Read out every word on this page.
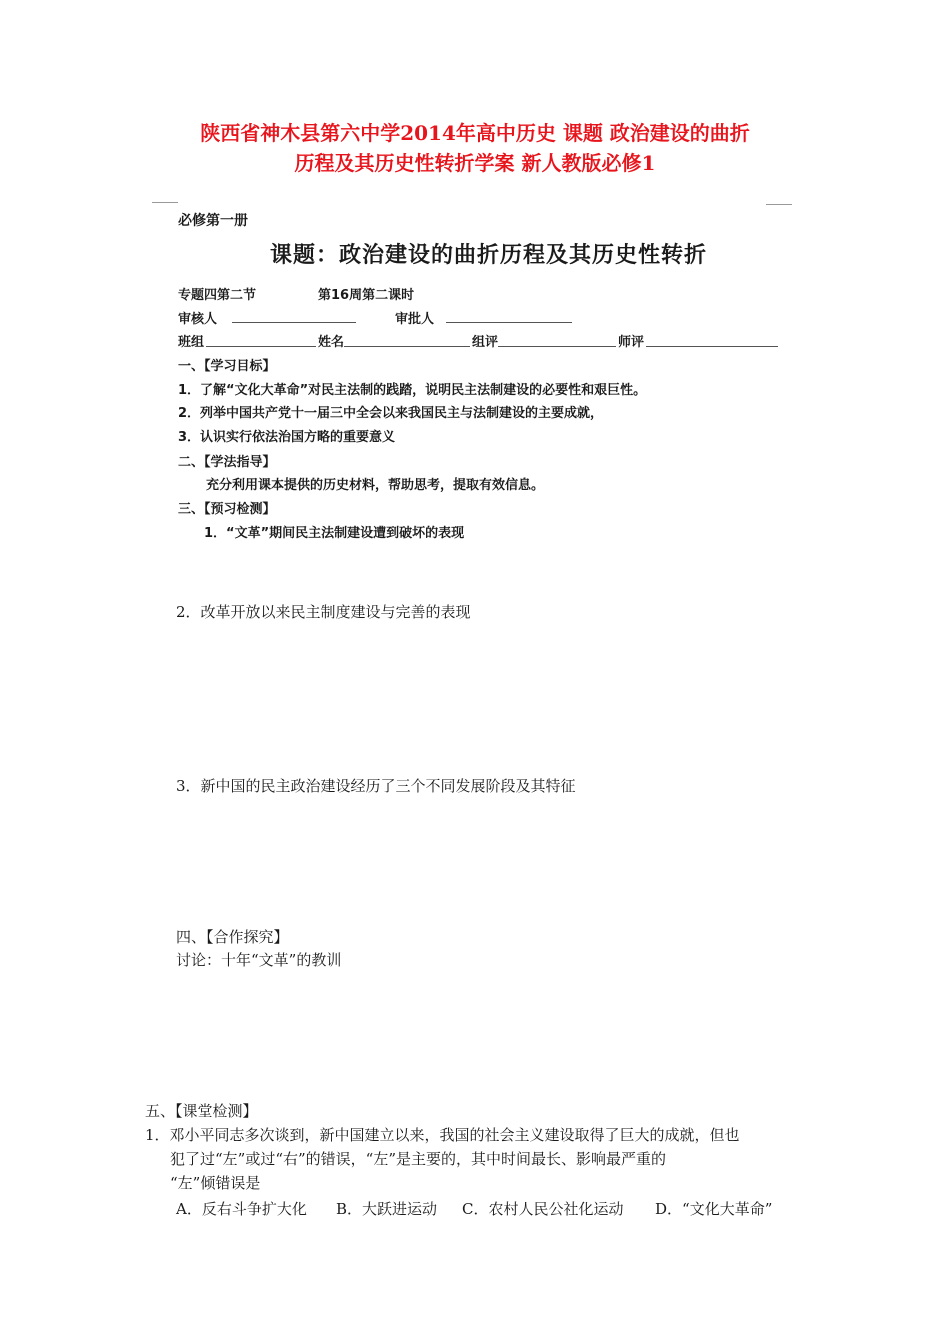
陕西省神木县第六中学2014年高中历史 课题 政治建设的曲折
历程及其历史性转折学案 新人教版必修1
必修第一册
课题：政治建设的曲折历程及其历史性转折
专题四第二节	第16周第二课时
审核人	审批人
班组	姓名	组评	师评
一、【学习目标】
1．了解“文化大革命”对民主法制的践踏，说明民主法制建设的必要性和艰巨性。
2．列举中国共产党十一届三中全会以来我国民主与法制建设的主要成就，
3．认识实行依法治国方略的重要意义
二、【学法指导】
充分利用课本提供的历史材料，帮助思考，提取有效信息。
三、【预习检测】
1．“文革”期间民主法制建设遭到破坏的表现
2．改革开放以来民主制度建设与完善的表现
3．新中国的民主政治建设经历了三个不同发展阶段及其特征
四、【合作探究】
讨论：十年“文革”的教训
五、【课堂检测】
1．邓小平同志多次谈到，新中国建立以来，我国的社会主义建设取得了巨大的成就，但也
犯了过“左”或过“右”的错误，“左”是主要的，其中时间最长、影响最严重的
“左”倾错误是
A．反右斗争扩大化 B．大跃进运动 C．农村人民公社化运动 D．“文化大革命”
